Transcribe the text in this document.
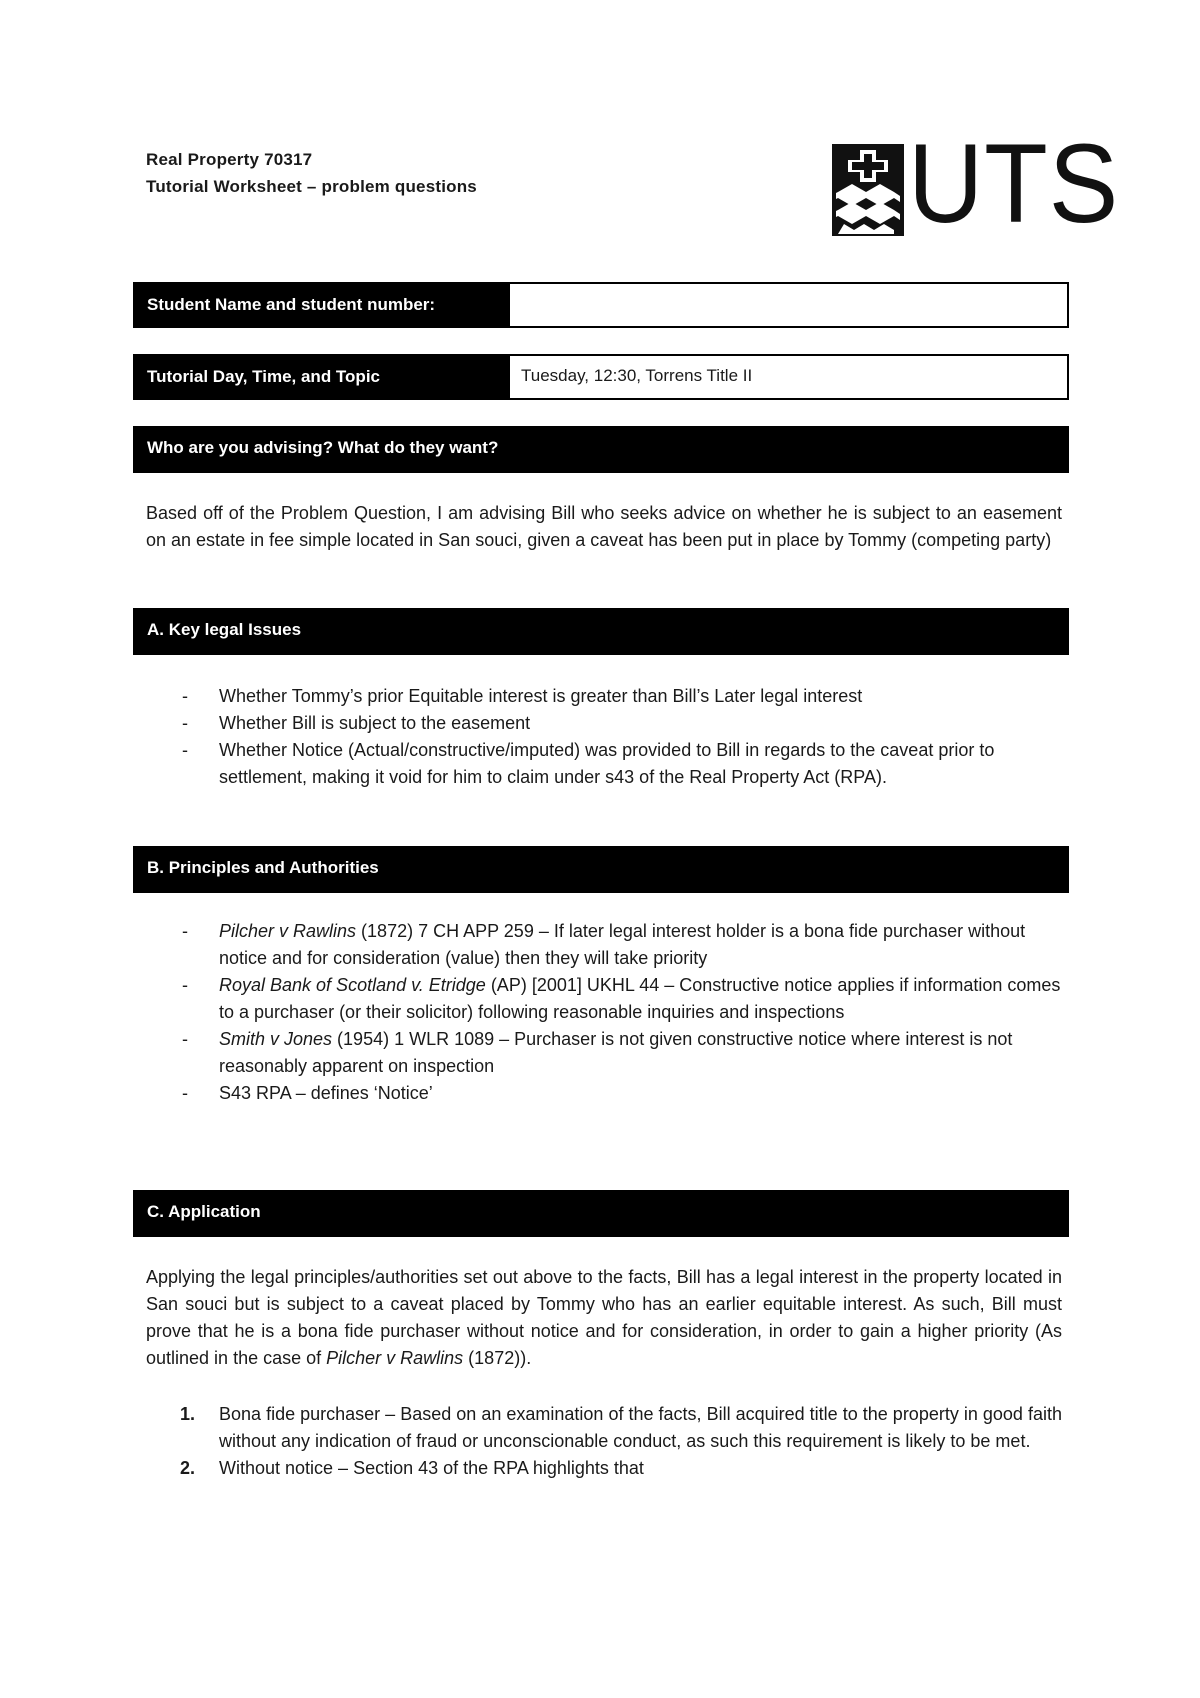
Real Property 70317
Tutorial Worksheet – problem questions	UTS
Student Name and student number:
Tutorial Day, Time, and Topic	Tuesday, 12:30, Torrens Title II
Who are you advising? What do they want?
Based off of the Problem Question, I am advising Bill who seeks advice on whether he is subject to an easement on an estate in fee simple located in San souci, given a caveat has been put in place by Tommy (competing party)
A. Key legal Issues
- Whether Tommy’s prior Equitable interest is greater than Bill’s Later legal interest
- Whether Bill is subject to the easement
- Whether Notice (Actual/constructive/imputed) was provided to Bill in regards to the caveat prior to settlement, making it void for him to claim under s43 of the Real Property Act (RPA).
B. Principles and Authorities
- Pilcher v Rawlins (1872) 7 CH APP 259 – If later legal interest holder is a bona fide purchaser without notice and for consideration (value) then they will take priority
- Royal Bank of Scotland v. Etridge (AP) [2001] UKHL 44 – Constructive notice applies if information comes to a purchaser (or their solicitor) following reasonable inquiries and inspections
- Smith v Jones (1954) 1 WLR 1089 – Purchaser is not given constructive notice where interest is not reasonably apparent on inspection
- S43 RPA – defines ‘Notice’
C. Application
Applying the legal principles/authorities set out above to the facts, Bill has a legal interest in the property located in San souci but is subject to a caveat placed by Tommy who has an earlier equitable interest. As such, Bill must prove that he is a bona fide purchaser without notice and for consideration, in order to gain a higher priority (As outlined in the case of Pilcher v Rawlins (1872)).
1. Bona fide purchaser – Based on an examination of the facts, Bill acquired title to the property in good faith without any indication of fraud or unconscionable conduct, as such this requirement is likely to be met.
2. Without notice – Section 43 of the RPA highlights that
